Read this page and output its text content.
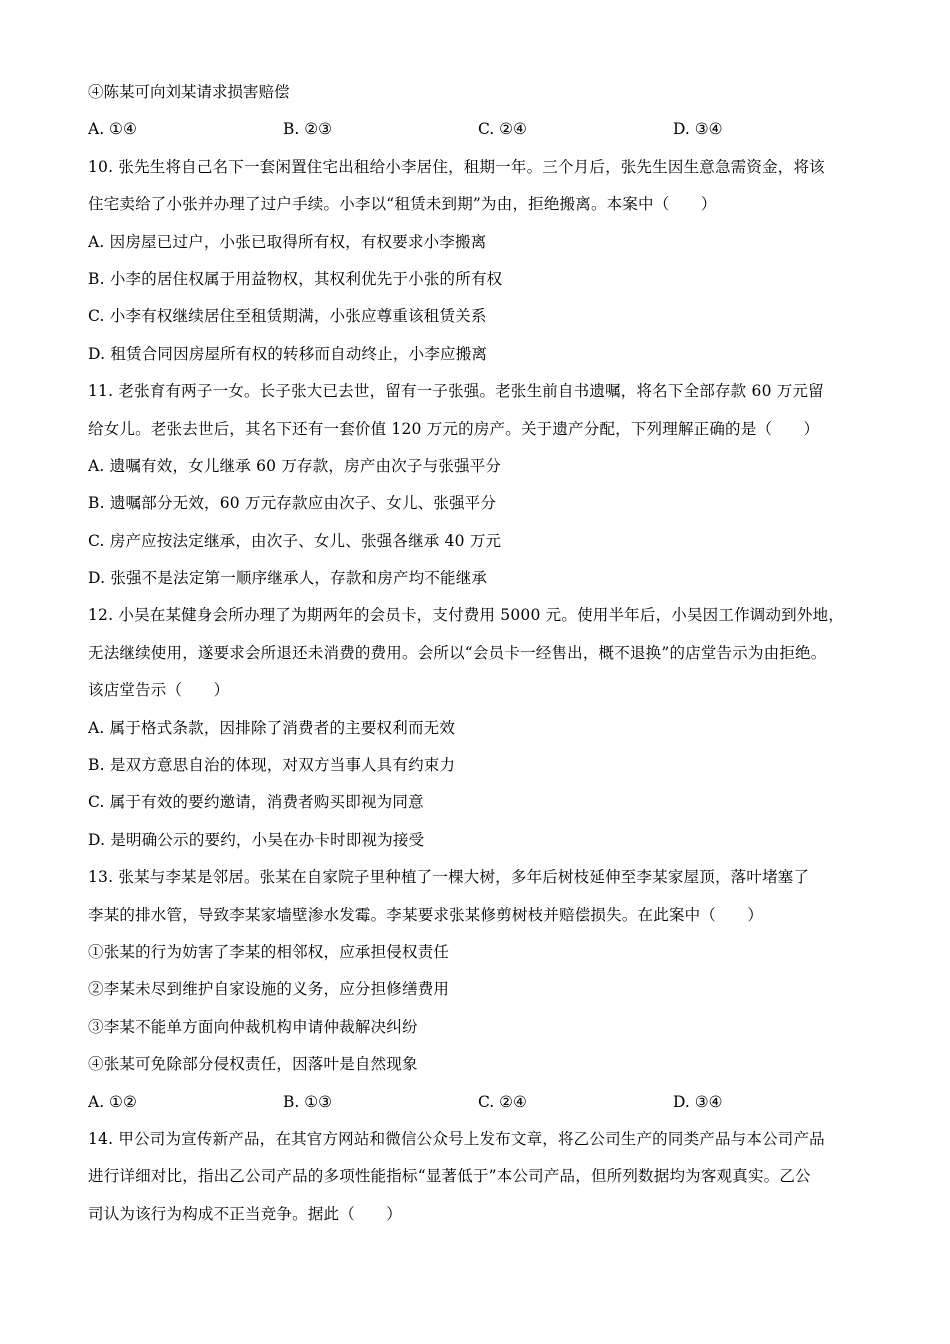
④陈某可向刘某请求损害赔偿
A. ①④	B. ②③	C. ②④	D. ③④
10. 张先生将自己名下一套闲置住宅出租给小李居住，租期一年。三个月后，张先生因生意急需资金，将该
住宅卖给了小张并办理了过户手续。小李以“租赁未到期”为由，拒绝搬离。本案中（　　）
A. 因房屋已过户，小张已取得所有权，有权要求小李搬离
B. 小李的居住权属于用益物权，其权利优先于小张的所有权
C. 小李有权继续居住至租赁期满，小张应尊重该租赁关系
D. 租赁合同因房屋所有权的转移而自动终止，小李应搬离
11. 老张育有两子一女。长子张大已去世，留有一子张强。老张生前自书遗嘱，将名下全部存款 60 万元留
给女儿。老张去世后，其名下还有一套价值 120 万元的房产。关于遗产分配，下列理解正确的是（　　）
A. 遗嘱有效，女儿继承 60 万存款，房产由次子与张强平分
B. 遗嘱部分无效，60 万元存款应由次子、女儿、张强平分
C. 房产应按法定继承，由次子、女儿、张强各继承 40 万元
D. 张强不是法定第一顺序继承人，存款和房产均不能继承
12. 小吴在某健身会所办理了为期两年的会员卡，支付费用 5000 元。使用半年后，小吴因工作调动到外地，
无法继续使用，遂要求会所退还未消费的费用。会所以“会员卡一经售出，概不退换”的店堂告示为由拒绝。
该店堂告示（　　）
A. 属于格式条款，因排除了消费者的主要权利而无效
B. 是双方意思自治的体现，对双方当事人具有约束力
C. 属于有效的要约邀请，消费者购买即视为同意
D. 是明确公示的要约，小吴在办卡时即视为接受
13. 张某与李某是邻居。张某在自家院子里种植了一棵大树，多年后树枝延伸至李某家屋顶，落叶堵塞了
李某的排水管，导致李某家墙壁渗水发霉。李某要求张某修剪树枝并赔偿损失。在此案中（　　）
①张某的行为妨害了李某的相邻权，应承担侵权责任
②李某未尽到维护自家设施的义务，应分担修缮费用
③李某不能单方面向仲裁机构申请仲裁解决纠纷
④张某可免除部分侵权责任，因落叶是自然现象
A. ①②	B. ①③	C. ②④	D. ③④
14. 甲公司为宣传新产品，在其官方网站和微信公众号上发布文章，将乙公司生产的同类产品与本公司产品
进行详细对比，指出乙公司产品的多项性能指标“显著低于”本公司产品，但所列数据均为客观真实。乙公
司认为该行为构成不正当竞争。据此（　　）
